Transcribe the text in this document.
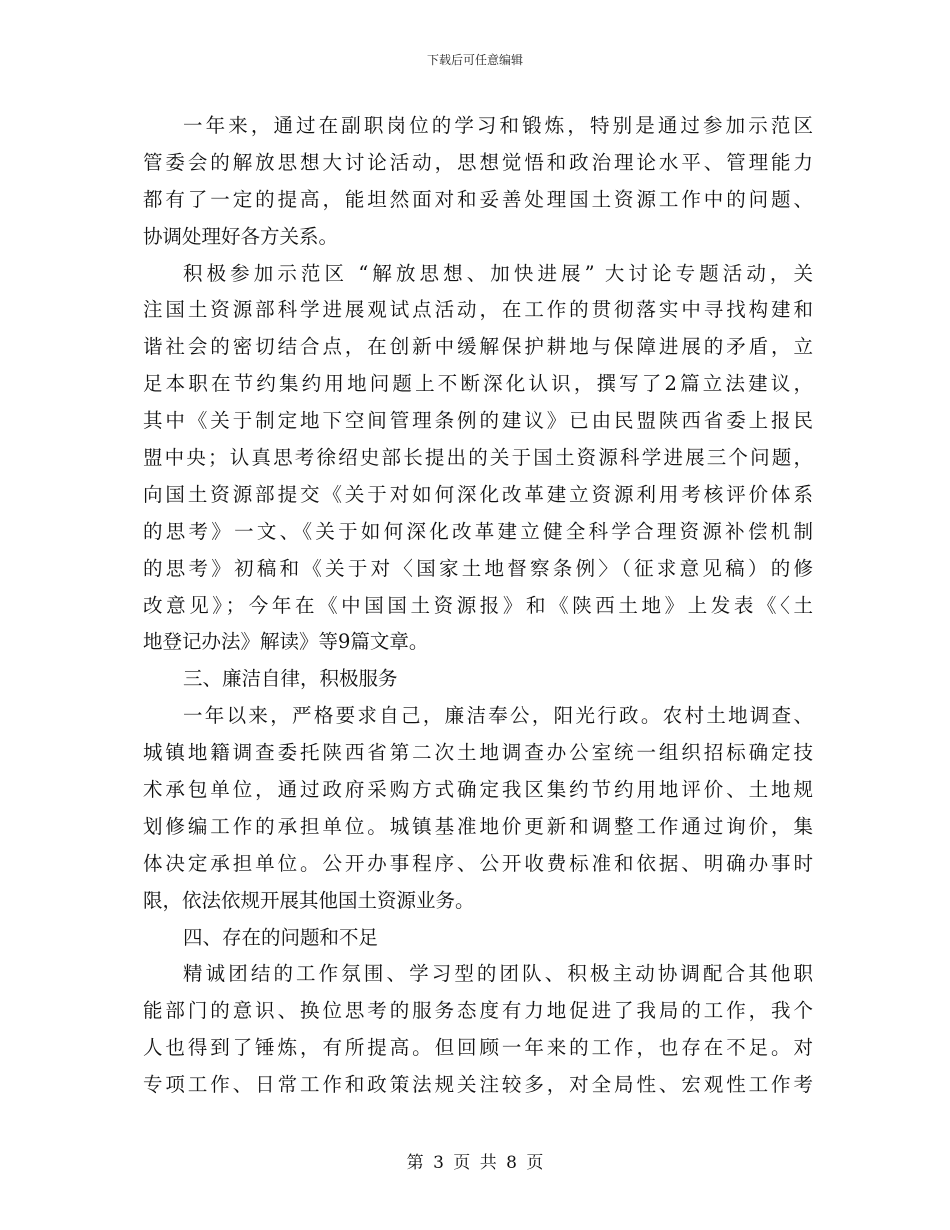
下载后可任意编辑
一年来，通过在副职岗位的学习和锻炼，特别是通过参加示范区
管委会的解放思想大讨论活动，思想觉悟和政治理论水平、管理能力
都有了一定的提高，能坦然面对和妥善处理国土资源工作中的问题、
协调处理好各方关系。
积极参加示范区 “解放思想、加快进展” 大讨论专题活动，关
注国土资源部科学进展观试点活动，在工作的贯彻落实中寻找构建和
谐社会的密切结合点，在创新中缓解保护耕地与保障进展的矛盾，立
足本职在节约集约用地问题上不断深化认识，撰写了2篇立法建议，
其中《关于制定地下空间管理条例的建议》已由民盟陕西省委上报民
盟中央；认真思考徐绍史部长提出的关于国土资源科学进展三个问题，
向国土资源部提交《关于对如何深化改革建立资源利用考核评价体系
的思考》一文、《关于如何深化改革建立健全科学合理资源补偿机制
的思考》初稿和《关于对〈国家土地督察条例〉（征求意见稿）的修
改意见》；今年在《中国国土资源报》和《陕西土地》上发表《〈土
地登记办法》解读》等9篇文章。
三、廉洁自律，积极服务
一年以来，严格要求自己，廉洁奉公，阳光行政。农村土地调查、
城镇地籍调查委托陕西省第二次土地调查办公室统一组织招标确定技
术承包单位，通过政府采购方式确定我区集约节约用地评价、土地规
划修编工作的承担单位。城镇基准地价更新和调整工作通过询价，集
体决定承担单位。公开办事程序、公开收费标准和依据、明确办事时
限，依法依规开展其他国土资源业务。
四、存在的问题和不足
精诚团结的工作氛围、学习型的团队、积极主动协调配合其他职
能部门的意识、换位思考的服务态度有力地促进了我局的工作，我个
人也得到了锤炼，有所提高。但回顾一年来的工作，也存在不足。对
专项工作、日常工作和政策法规关注较多，对全局性、宏观性工作考
第 3 页 共 8 页
